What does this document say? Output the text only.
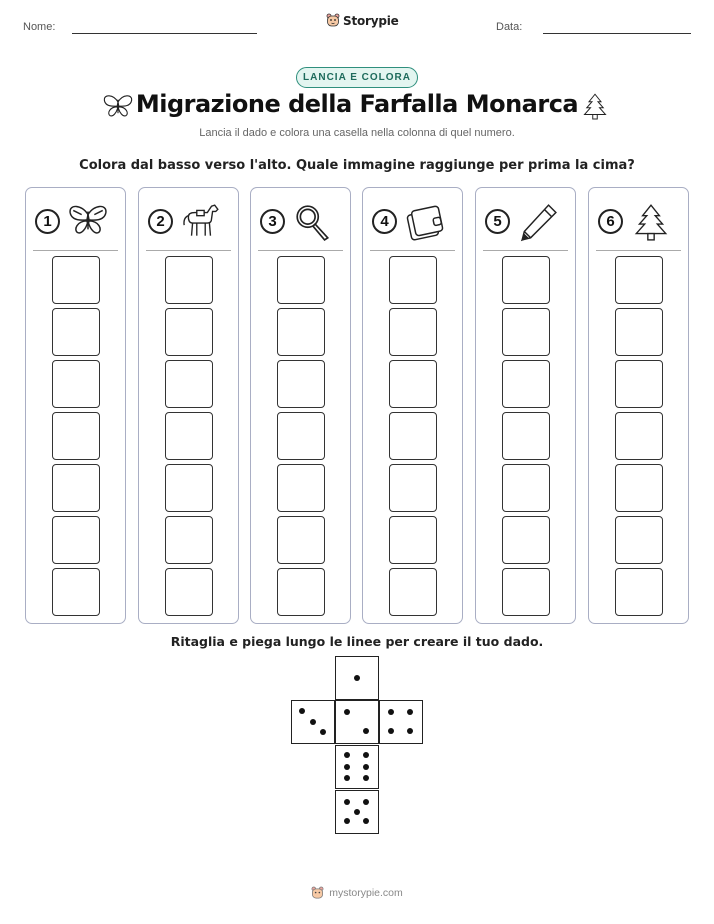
Nome:	Storypie	Data:
LANCIA E COLORA
Migrazione della Farfalla Monarca
Lancia il dado e colora una casella nella colonna di quel numero.
Colora dal basso verso l'alto. Quale immagine raggiunge per prima la cima?
1	2	3	4	5	6
Ritaglia e piega lungo le linee per creare il tuo dado.
mystorypie.com
